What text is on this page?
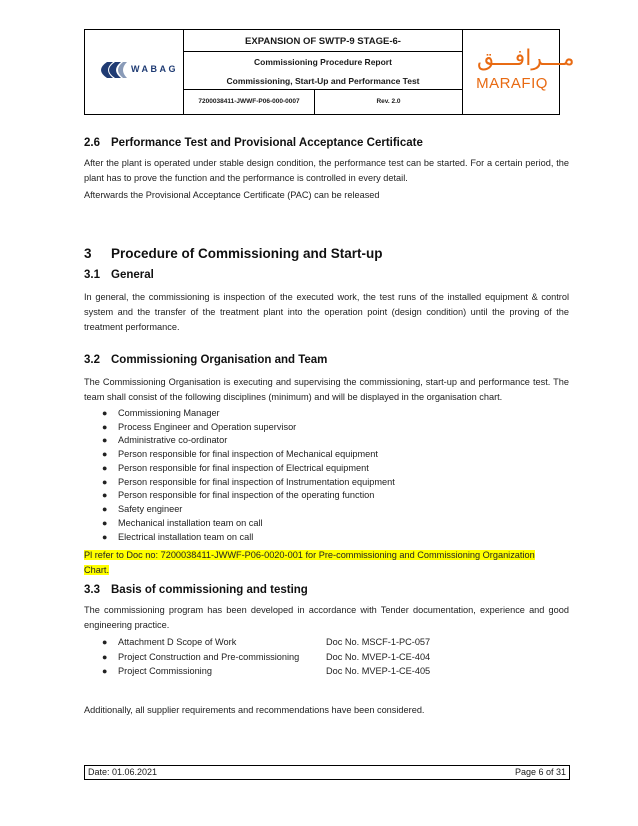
WABAG
EXPANSION OF SWTP-9 STAGE-6-
Commissioning Procedure Report
Commissioning, Start-Up and Performance Test
7200038411-JWWF-P06-000-0007	Rev. 2.0
مـــرافـــق
MARAFIQ
2.6 Performance Test and Provisional Acceptance Certificate
After the plant is operated under stable design condition, the performance test can be started. For a certain period, the plant has to prove the function and the performance is controlled in every detail.
Afterwards the Provisional Acceptance Certificate (PAC) can be released
3 Procedure of Commissioning and Start-up
3.1 General
In general, the commissioning is inspection of the executed work, the test runs of the installed equipment & control system and the transfer of the treatment plant into the operation point (design condition) until the proving of the treatment performance.
3.2 Commissioning Organisation and Team
The Commissioning Organisation is executing and supervising the commissioning, start-up and performance test. The team shall consist of the following disciplines (minimum) and will be displayed in the organisation chart.
● Commissioning Manager
● Process Engineer and Operation supervisor
● Administrative co-ordinator
● Person responsible for final inspection of Mechanical equipment
● Person responsible for final inspection of Electrical equipment
● Person responsible for final inspection of Instrumentation equipment
● Person responsible for final inspection of the operating function
● Safety engineer
● Mechanical installation team on call
● Electrical installation team on call
Pl refer to Doc no: 7200038411-JWWF-P06-0020-001 for Pre-commissioning and Commissioning Organization
Chart.
3.3 Basis of commissioning and testing
The commissioning program has been developed in accordance with Tender documentation, experience and good engineering practice.
● Attachment D Scope of Work	Doc No. MSCF-1-PC-057
● Project Construction and Pre-commissioning	Doc No. MVEP-1-CE-404
● Project Commissioning	Doc No. MVEP-1-CE-405
Additionally, all supplier requirements and recommendations have been considered.
Date: 01.06.2021	Page 6 of 31
